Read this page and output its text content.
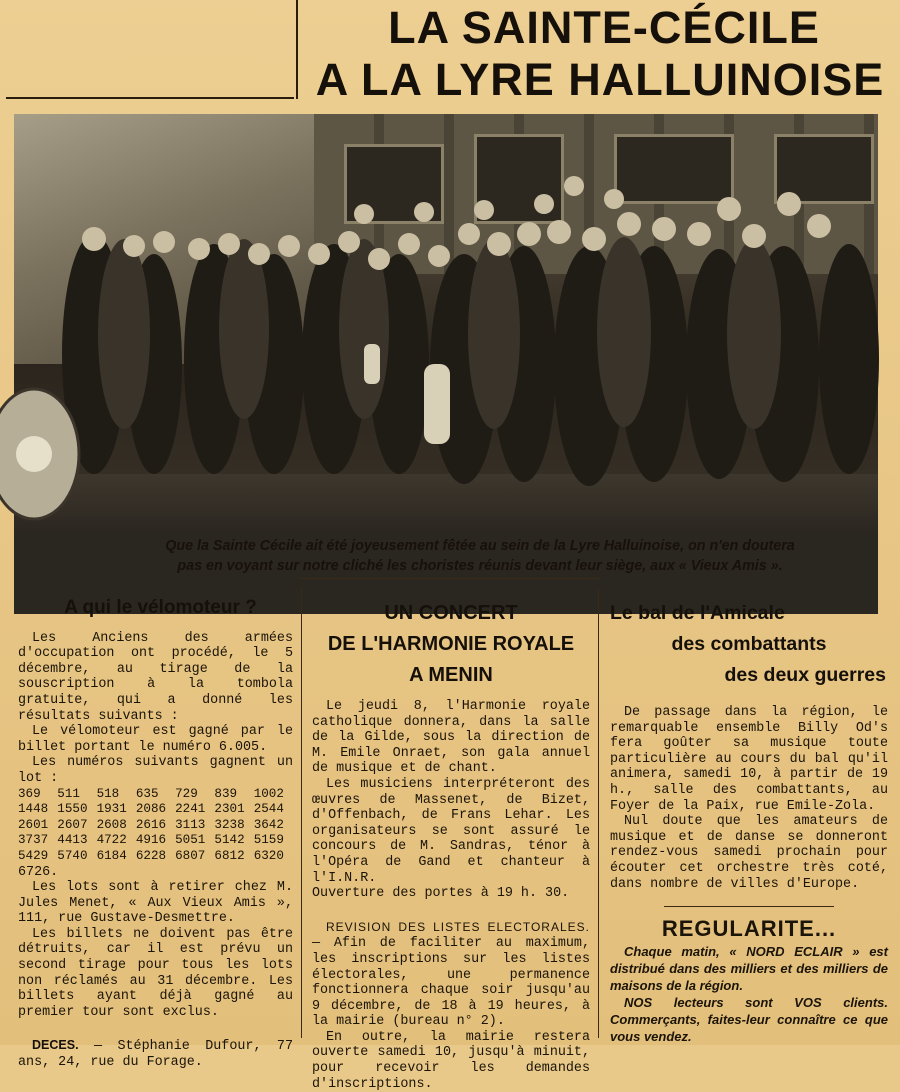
LA SAINTE-CÉCILE
A LA LYRE HALLUINOISE
Que la Sainte Cécile ait été joyeusement fêtée au sein de la Lyre Halluinoise, on n'en doutera
pas en voyant sur notre cliché les choristes réunis devant leur siège, aux « Vieux Amis ».
A qui le vélomoteur ?

Les Anciens des armées d'occupation ont procédé, le 5 décembre, au tirage de la souscription à la tombola gratuite, qui a donné les résultats suivants :

Le vélomoteur est gagné par le billet portant le numéro 6.005.

Les numéros suivants gagnent un lot :

369	511	518	635	729	839	1002
1448	1550	1931	2086	2241	2301	2544
2601	2607	2608	2616	3113	3238	3642
3737	4413	4722	4916	5051	5142	5159
5429	5740	6184	6228	6807	6812	6320
6726.

Les lots sont à retirer chez M. Jules Menet, « Aux Vieux Amis », 111, rue Gustave-Desmettre.

Les billets ne doivent pas être détruits, car il est prévu un second tirage pour tous les lots non réclamés au 31 décembre. Les billets ayant déjà gagné au premier tour sont exclus.

DECES. — Stéphanie Dufour, 77 ans, 24, rue du Forage.

UN CONCERT
DE L'HARMONIE ROYALE
A MENIN

Le jeudi 8, l'Harmonie royale catholique donnera, dans la salle de la Gilde, sous la direction de M. Emile Onraet, son gala annuel de musique et de chant.

Les musiciens interpréteront des œuvres de Massenet, de Bizet, d'Offenbach, de Frans Lehar. Les organisateurs se sont assuré le concours de M. Sandras, ténor à l'Opéra de Gand et chanteur à l'I.N.R.

Ouverture des portes à 19 h. 30.

REVISION DES LISTES ELECTORALES. — Afin de faciliter au maximum, les inscriptions sur les listes électorales, une permanence fonctionnera chaque soir jusqu'au 9 décembre, de 18 à 19 heures, à la mairie (bureau n° 2).

En outre, la mairie restera ouverte samedi 10, jusqu'à minuit, pour recevoir les demandes d'inscriptions.

Le bal de l'Amicale
des combattants
des deux guerres

De passage dans la région, le remarquable ensemble Billy Od's fera goûter sa musique toute particulière au cours du bal qu'il animera, samedi 10, à partir de 19 h., salle des combattants, au Foyer de la Paix, rue Emile-Zola.

Nul doute que les amateurs de musique et de danse se donneront rendez-vous samedi prochain pour écouter cet orchestre très coté, dans nombre de villes d'Europe.

REGULARITE...

Chaque matin, « NORD ECLAIR » est distribué dans des milliers et des milliers de maisons de la région.

NOS lecteurs sont VOS clients. Commerçants, faites-leur connaître ce que vous vendez.
